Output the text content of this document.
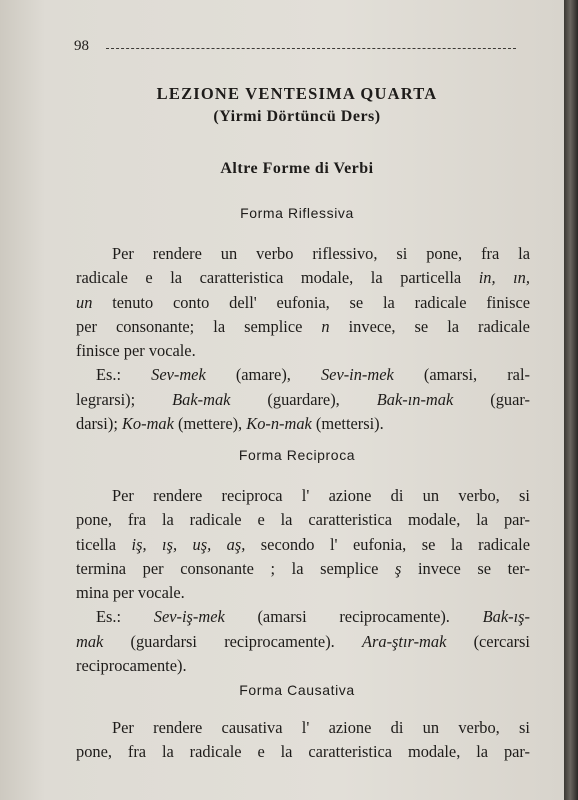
98
LEZIONE VENTESIMA QUARTA
(Yirmi Dörtüncü Ders)
Altre Forme di Verbi
Forma Riflessiva
Per rendere un verbo riflessivo, si pone, fra la
radicale e la caratteristica modale, la particella in, ın,
un tenuto conto dell' eufonia, se la radicale finisce
per consonante; la semplice n invece, se la radicale
finisce per vocale.
Es.: Sev-mek (amare), Sev-in-mek (amarsi, ral-
legrarsi); Bak-mak (guardare), Bak-ın-mak (guar-
darsi); Ko-mak (mettere), Ko-n-mak (mettersi).
Forma Reciproca
Per rendere reciproca l' azione di un verbo, si
pone, fra la radicale e la caratteristica modale, la par-
ticella iş, ış, uş, aş, secondo l' eufonia, se la radicale
termina per consonante ; la semplice ş invece se ter-
mina per vocale.
Es.: Sev-iş-mek (amarsi reciprocamente). Bak-ış-
mak (guardarsi reciprocamente). Ara-ştır-mak (cercarsi
reciprocamente).
Forma Causativa
Per rendere causativa l' azione di un verbo, si
pone, fra la radicale e la caratteristica modale, la par-
